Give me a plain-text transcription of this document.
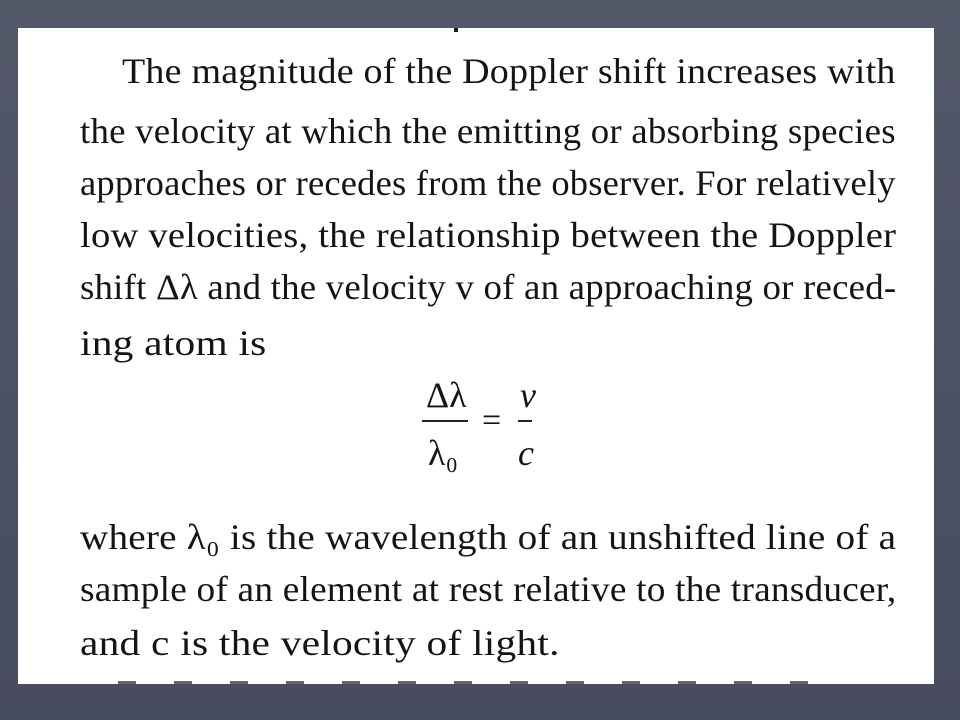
The magnitude of the Doppler shift increases with
the velocity at which the emitting or absorbing species
approaches or recedes from the observer. For relatively
low velocities, the relationship between the Doppler
shift Δλ and the velocity v of an approaching or reced-
ing atom is
Δλ
λ₀
=
v
c
where λ₀ is the wavelength of an unshifted line of a
sample of an element at rest relative to the transducer,
and c is the velocity of light.
